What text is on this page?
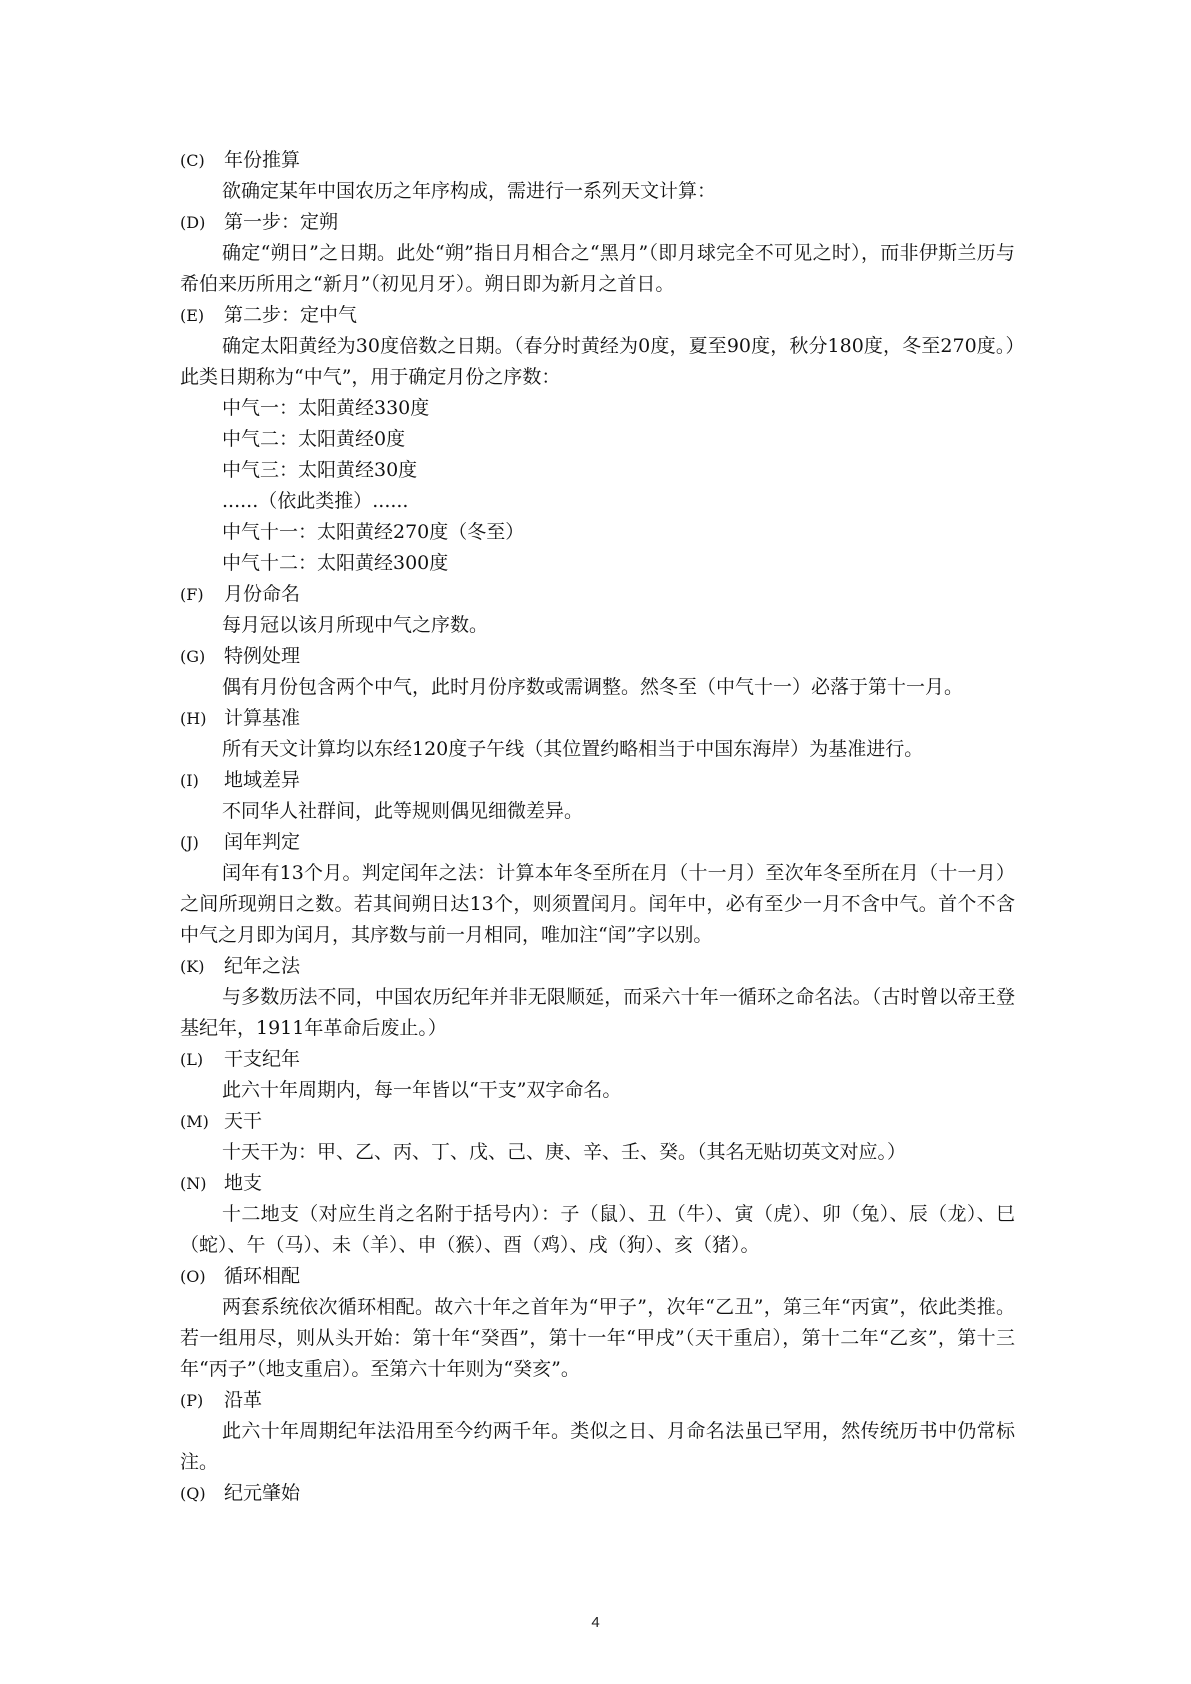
(C) 年份推算

欲确定某年中国农历之年序构成，需进行一系列天文计算：

(D) 第一步：定朔

确定“朔日”之日期。此处“朔”指日月相合之“黑月”（即月球完全不可见之时），而非伊斯兰历与希伯来历所用之“新月”（初见月牙）。朔日即为新月之首日。

(E) 第二步：定中气

确定太阳黄经为30度倍数之日期。（春分时黄经为0度，夏至90度，秋分180度，冬至270度。）此类日期称为“中气”，用于确定月份之序数：

中气一：太阳黄经330度
中气二：太阳黄经0度
中气三：太阳黄经30度
......（依此类推）......
中气十一：太阳黄经270度（冬至）
中气十二：太阳黄经300度
(F) 月份命名

每月冠以该月所现中气之序数。

(G) 特例处理

偶有月份包含两个中气，此时月份序数或需调整。然冬至（中气十一）必落于第十一月。

(H) 计算基准

所有天文计算均以东经120度子午线（其位置约略相当于中国东海岸）为基准进行。

(I) 地域差异

不同华人社群间，此等规则偶见细微差异。

(J) 闰年判定

闰年有13个月。判定闰年之法：计算本年冬至所在月（十一月）至次年冬至所在月（十一月）之间所现朔日之数。若其间朔日达13个，则须置闰月。闰年中，必有至少一月不含中气。首个不含中气之月即为闰月，其序数与前一月相同，唯加注“闰”字以别。

(K) 纪年之法

与多数历法不同，中国农历纪年并非无限顺延，而采六十年一循环之命名法。（古时曾以帝王登基纪年，1911年革命后废止。）

(L) 干支纪年

此六十年周期内，每一年皆以“干支”双字命名。

(M) 天干

十天干为：甲、乙、丙、丁、戊、己、庚、辛、壬、癸。（其名无贴切英文对应。）

(N) 地支

十二地支（对应生肖之名附于括号内）：子（鼠）、丑（牛）、寅（虎）、卯（兔）、辰（龙）、巳（蛇）、午（马）、未（羊）、申（猴）、酉（鸡）、戌（狗）、亥（猪）。

(O) 循环相配

两套系统依次循环相配。故六十年之首年为“甲子”，次年“乙丑”，第三年“丙寅”，依此类推。若一组用尽，则从头开始：第十年“癸酉”，第十一年“甲戌”（天干重启），第十二年“乙亥”，第十三年“丙子”（地支重启）。至第六十年则为“癸亥”。

(P) 沿革

此六十年周期纪年法沿用至今约两千年。类似之日、月命名法虽已罕用，然传统历书中仍常标注。

(Q) 纪元肇始
4
